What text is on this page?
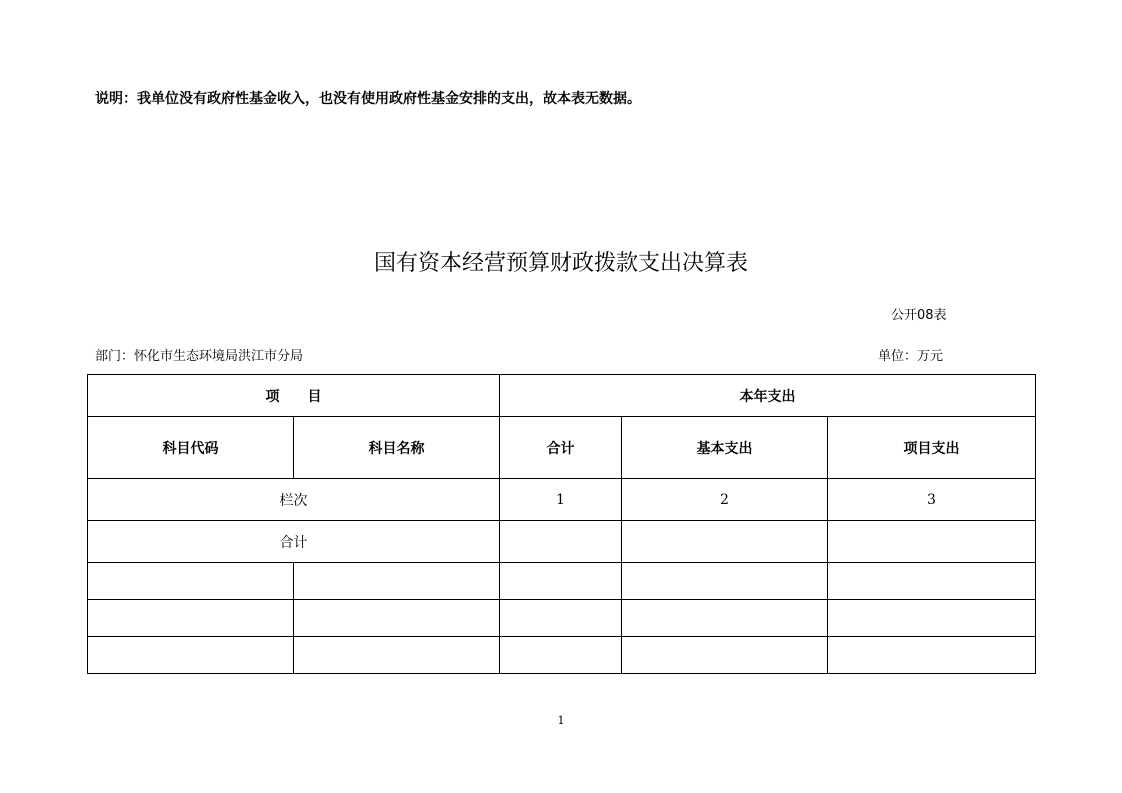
说明：我单位没有政府性基金收入，也没有使用政府性基金安排的支出，故本表无数据。
国有资本经营预算财政拨款支出决算表
公开08表
部门：怀化市生态环境局洪江市分局	单位：万元
项　　目		本年支出		
科目代码	科目名称	合计	基本支出	项目支出
栏次		1	2	3
合计				

1
